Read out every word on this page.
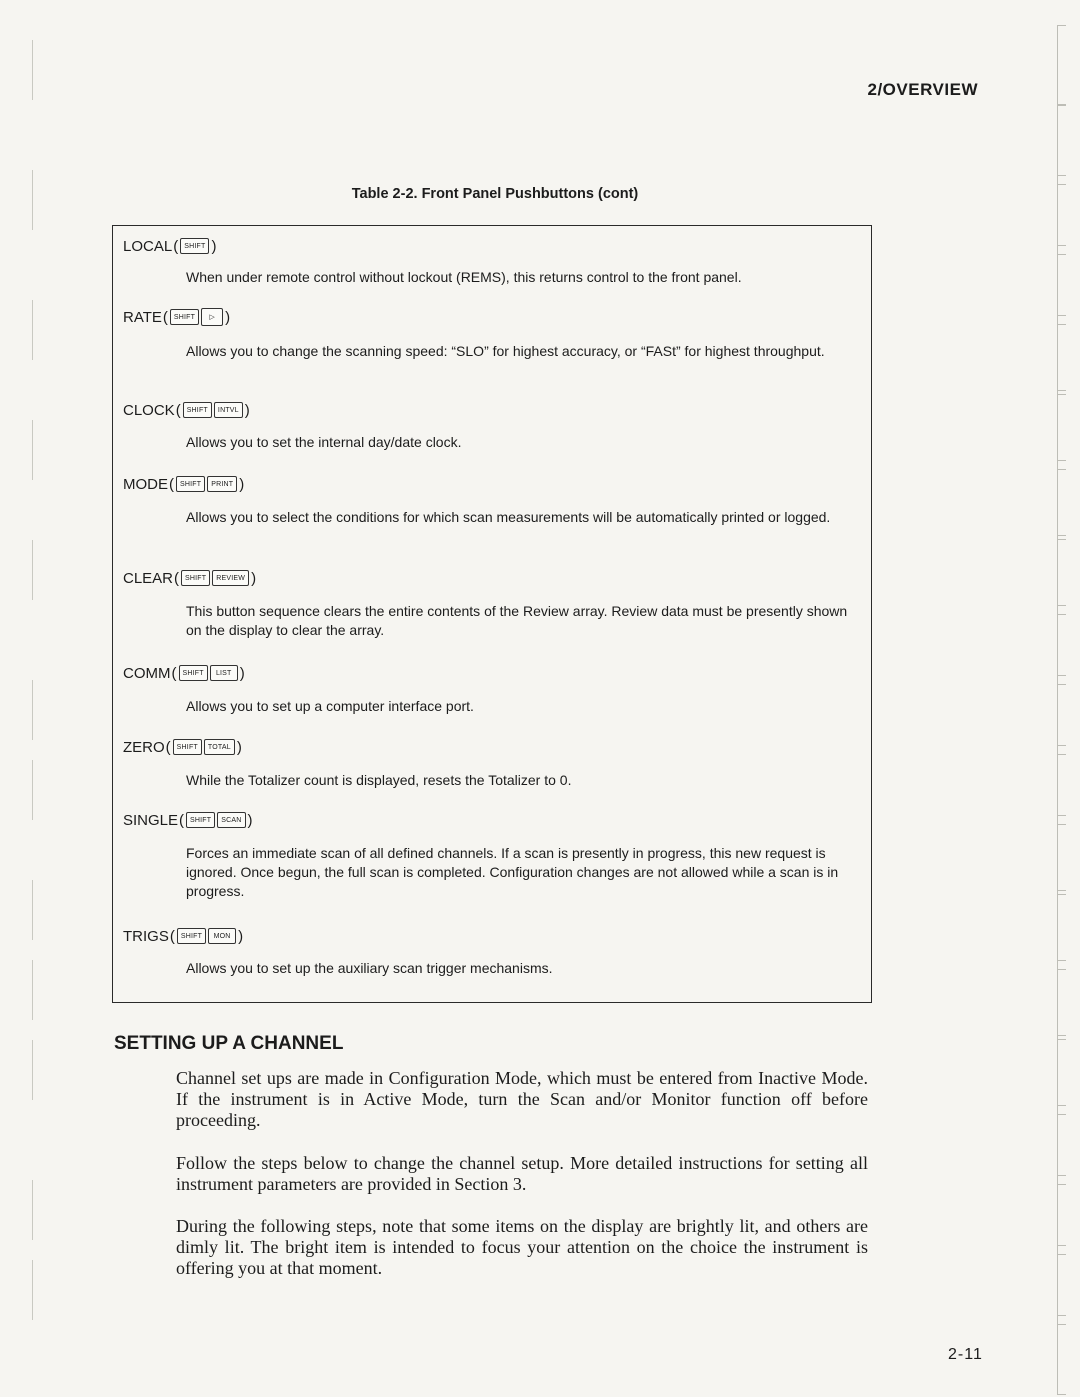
2/OVERVIEW
Table 2-2. Front Panel Pushbuttons (cont)
LOCAL ( SHIFT )
When under remote control without lockout (REMS), this returns control to the front panel.
RATE ( SHIFT	▷ )
Allows you to change the scanning speed: “SLO” for highest accuracy, or “FASt” for highest throughput.
CLOCK ( SHIFT	INTVL )
Allows you to set the internal day/date clock.
MODE ( SHIFT	PRINT )
Allows you to select the conditions for which scan measurements will be automatically printed or logged.
CLEAR ( SHIFT	REVIEW )
This button sequence clears the entire contents of the Review array. Review data must be presently shown on the display to clear the array.
COMM ( SHIFT	LIST )
Allows you to set up a computer interface port.
ZERO ( SHIFT	TOTAL )
While the Totalizer count is displayed, resets the Totalizer to 0.
SINGLE ( SHIFT	SCAN )
Forces an immediate scan of all defined channels. If a scan is presently in progress, this new request is ignored. Once begun, the full scan is completed. Configuration changes are not allowed while a scan is in progress.
TRIGS ( SHIFT	MON )
Allows you to set up the auxiliary scan trigger mechanisms.
SETTING UP A CHANNEL

Channel set ups are made in Configuration Mode, which must be entered from Inactive Mode. If the instrument is in Active Mode, turn the Scan and/or Monitor function off before proceeding.

Follow the steps below to change the channel setup. More detailed instructions for setting all instrument parameters are provided in Section 3.

During the following steps, note that some items on the display are brightly lit, and others are dimly lit. The bright item is intended to focus your attention on the choice the instrument is offering you at that moment.

2-11
